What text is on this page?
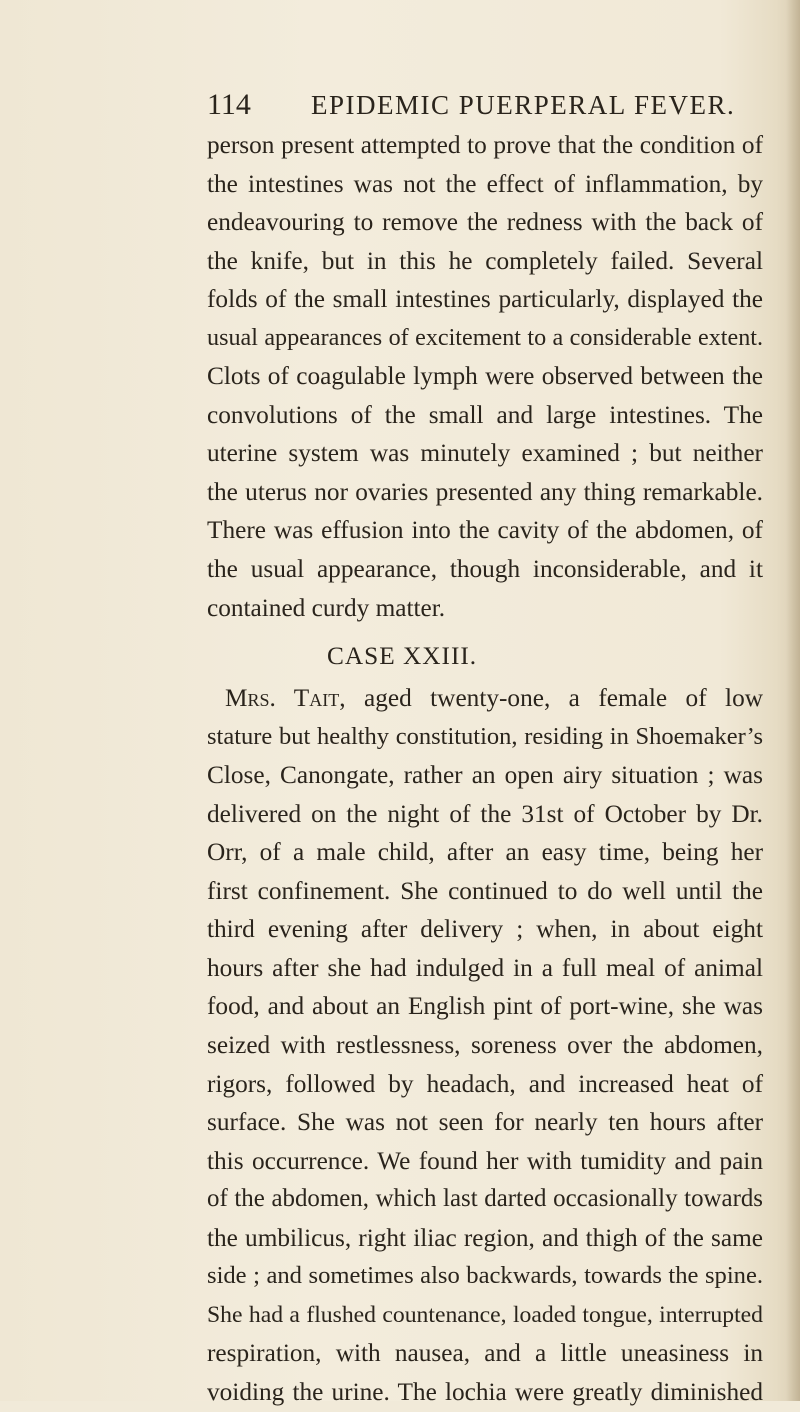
114 EPIDEMIC PUERPERAL FEVER.
person present attempted to prove that the condition of
the intestines was not the effect of inflammation, by
endeavouring to remove the redness with the back of
the knife, but in this he completely failed. Several
folds of the small intestines particularly, displayed the
usual appearances of excitement to a considerable extent.
Clots of coagulable lymph were observed between the
convolutions of the small and large intestines. The
uterine system was minutely examined ; but neither
the uterus nor ovaries presented any thing remarkable.
There was effusion into the cavity of the abdomen, of
the usual appearance, though inconsiderable, and it
contained curdy matter.
CASE XXIII.
Mrs. Tait, aged twenty-one, a female of low
stature but healthy constitution, residing in Shoemaker’s
Close, Canongate, rather an open airy situation ; was
delivered on the night of the 31st of October by Dr.
Orr, of a male child, after an easy time, being her
first confinement. She continued to do well until the
third evening after delivery ; when, in about eight
hours after she had indulged in a full meal of animal
food, and about an English pint of port-wine, she was
seized with restlessness, soreness over the abdomen,
rigors, followed by headach, and increased heat of
surface. She was not seen for nearly ten hours after
this occurrence. We found her with tumidity and pain
of the abdomen, which last darted occasionally towards
the umbilicus, right iliac region, and thigh of the same
side ; and sometimes also backwards, towards the spine.
She had a flushed countenance, loaded tongue, interrupted
respiration, with nausea, and a little uneasiness in
voiding the urine. The lochia were greatly diminished
